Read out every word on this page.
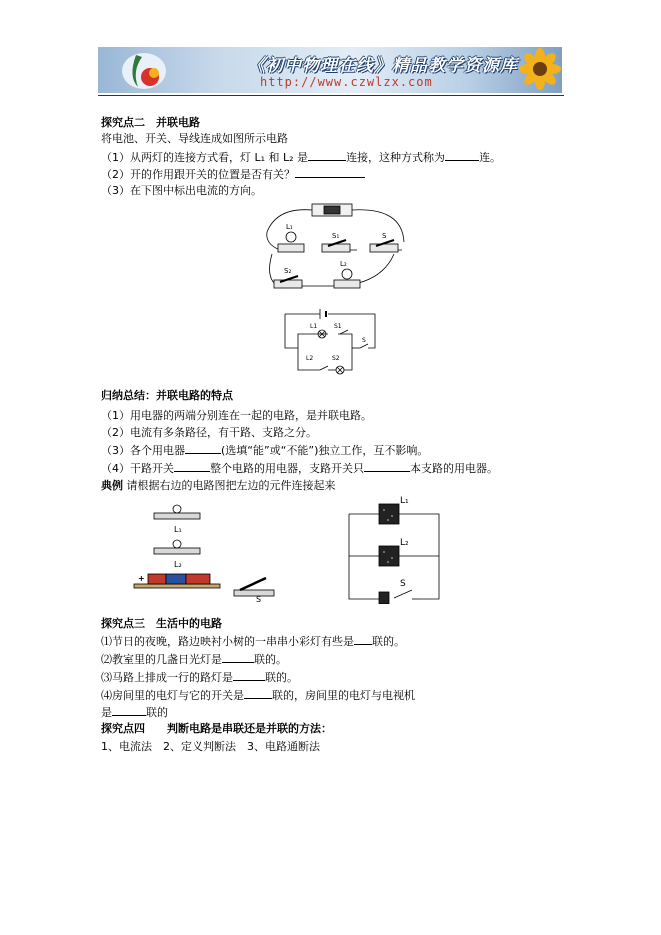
《初中物理在线》精品教学资源库
http://www.czwlzx.com
探究点二　并联电路
将电池、开关、导线连成如图所示电路
（1）从两灯的连接方式看，灯 L₁ 和 L₂ 是	连接，这种方式称为	连。
（2）开的作用跟开关的位置是否有关？
（3）在下图中标出电流的方向。
L₁
S₁	S
S₂
L₂
L1	S1
L2	S2
S
归纳总结：并联电路的特点
（1）用电器的两端分别连在一起的电路，是并联电路。
（2）电流有多条路径，有干路、支路之分。
（3）各个用电器	(选填“能”或“不能”)独立工作，互不影响。
（4）干路开关	整个电路的用电器，支路开关只	本支路的用电器。
典例 请根据右边的电路图把左边的元件连接起来
L₁
L₂
S
+
L₁
L₂
S
探究点三　生活中的电路
⑴节日的夜晚，路边映衬小树的一串串小彩灯有些是 联的。
⑵教室里的几盏日光灯是	联的。
⑶马路上排成一行的路灯是	联的。
⑷房间里的电灯与它的开关是	联的，房间里的电灯与电视机
是	联的
探究点四　　判断电路是串联还是并联的方法：
1、电流法　2、定义判断法　3、电路通断法
